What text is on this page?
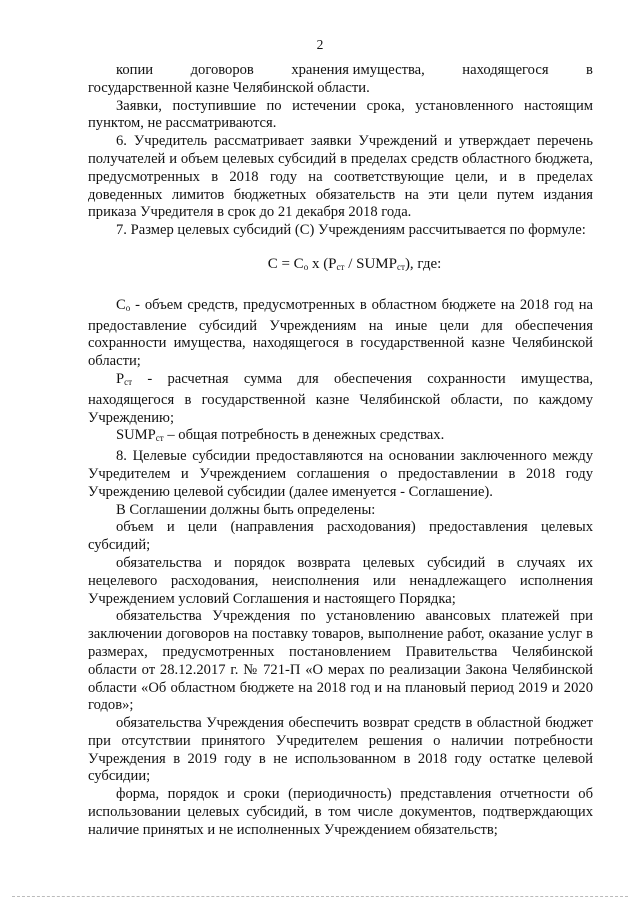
2
копии	договоров	хранения имущества,	находящегося	в

государственной казне Челябинской области.

Заявки, поступившие по истечении срока, установленного настоящим пунктом, не рассматриваются.

6. Учредитель рассматривает заявки Учреждений и утверждает перечень получателей и объем целевых субсидий в пределах средств областного бюджета, предусмотренных в 2018 году на соответствующие цели, и в пределах доведенных лимитов бюджетных обязательств на эти цели путем издания приказа Учредителя в срок до 21 декабря 2018 года.

7. Размер целевых субсидий (С) Учреждениям рассчитывается по формуле:

$С = С_о$ x ($Р_{ст}$ / $SUMP_{ст}$), где:

$С_о$ - объем средств, предусмотренных в областном бюджете на 2018 год на предоставление субсидий Учреждениям на иные цели для обеспечения сохранности имущества, находящегося в государственной казне Челябинской области;

$Р_{ст}$ - расчетная сумма для обеспечения сохранности имущества, находящегося в государственной казне Челябинской области, по каждому Учреждению;

$SUMP_{ст}$ – общая потребность в денежных средствах.

8. Целевые субсидии предоставляются на основании заключенного между Учредителем и Учреждением соглашения о предоставлении в 2018 году Учреждению целевой субсидии (далее именуется - Соглашение).

В Соглашении должны быть определены:

объем и цели (направления расходования) предоставления целевых субсидий;

обязательства и порядок возврата целевых субсидий в случаях их нецелевого расходования, неисполнения или ненадлежащего исполнения Учреждением условий Соглашения и настоящего Порядка;

обязательства Учреждения по установлению авансовых платежей при заключении договоров на поставку товаров, выполнение работ, оказание услуг в размерах, предусмотренных постановлением Правительства Челябинской области от 28.12.2017 г. № 721-П «О мерах по реализации Закона Челябинской области «Об областном бюджете на 2018 год и на плановый период 2019 и 2020 годов»;

обязательства Учреждения обеспечить возврат средств в областной бюджет при отсутствии принятого Учредителем решения о наличии потребности Учреждения в 2019 году в не использованном в 2018 году остатке целевой субсидии;

форма, порядок и сроки (периодичность) представления отчетности об использовании целевых субсидий, в том числе документов, подтверждающих наличие принятых и не исполненных Учреждением обязательств;
